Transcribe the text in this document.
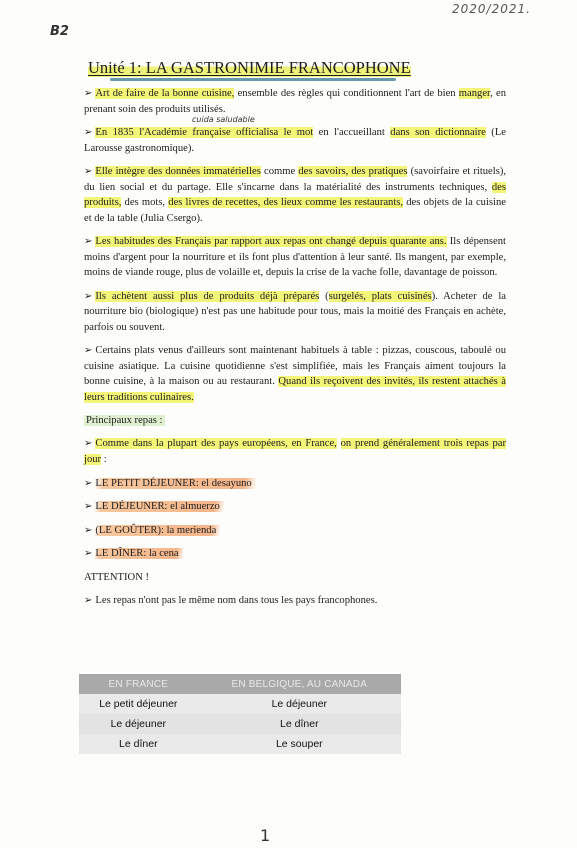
2020/2021.
B2
Unité 1: LA GASTRONIMIE FRANCOPHONE
cuida saludable

➢ Art de faire de la bonne cuisine, ensemble des règles qui conditionnent l'art de bien manger, en prenant soin des produits utilisés.

➢ En 1835 l'Académie française officialisa le mot en l'accueillant dans son dictionnaire (Le Larousse gastronomique).

➢ Elle intègre des données immatérielles comme des savoirs, des pratiques (savoirfaire et rituels), du lien social et du partage. Elle s'incarne dans la matérialité des instruments techniques, des produits, des mots, des livres de recettes, des lieux comme les restaurants, des objets de la cuisine et de la table (Julia Csergo).

➢ Les habitudes des Français par rapport aux repas ont changé depuis quarante ans. Ils dépensent moins d'argent pour la nourriture et ils font plus d'attention à leur santé. Ils mangent, par exemple, moins de viande rouge, plus de volaille et, depuis la crise de la vache folle, davantage de poisson.

➢ Ils achètent aussi plus de produits déjà préparés (surgelés, plats cuisinés). Acheter de la nourriture bio (biologique) n'est pas une habitude pour tous, mais la moitié des Français en achète, parfois ou souvent.

➢ Certains plats venus d'ailleurs sont maintenant habituels à table : pizzas, couscous, taboulé ou cuisine asiatique. La cuisine quotidienne s'est simplifiée, mais les Français aiment toujours la bonne cuisine, à la maison ou au restaurant. Quand ils reçoivent des invités, ils restent attachés à leurs traditions culinaires.

Principaux repas :

➢ Comme dans la plupart des pays européens, en France, on prend généralement trois repas par jour :

➢ LE PETIT DÉJEUNER: el desayuno

➢ LE DÉJEUNER: el almuerzo

➢ (LE GOÛTER): la merienda

➢ LE DÎNER: la cena

ATTENTION !

➢ Les repas n'ont pas le même nom dans tous les pays francophones.

EN FRANCE	EN BELGIQUE, AU CANADA
Le petit déjeuner	Le déjeuner
Le déjeuner	Le dîner
Le dîner	Le souper
1
